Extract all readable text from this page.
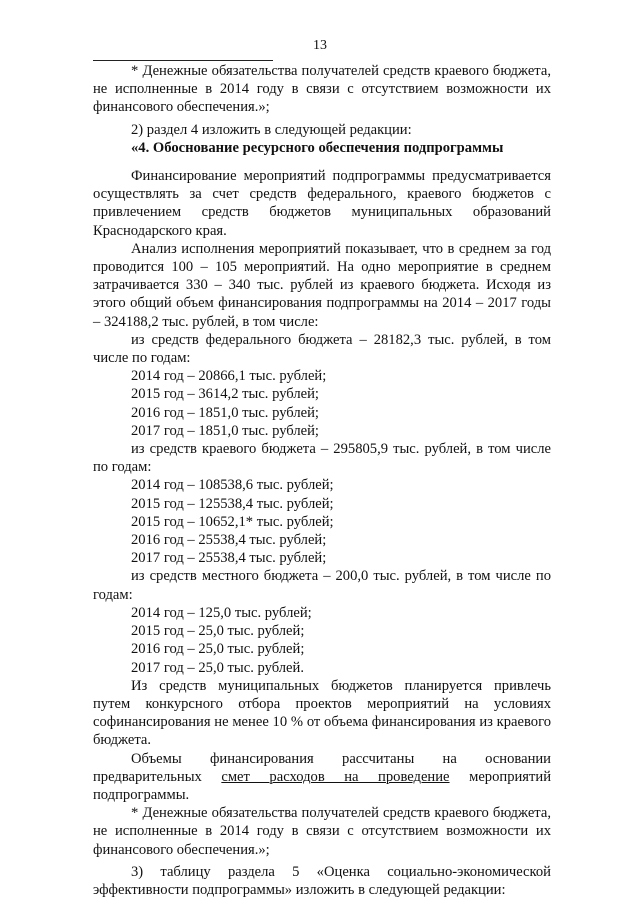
13

* Денежные обязательства получателей средств краевого бюджета, не исполненные в 2014 году в связи с отсутствием возможности их финансового обеспечения.»;

2) раздел 4 изложить в следующей редакции:

«4. Обоснование ресурсного обеспечения подпрограммы

Финансирование мероприятий подпрограммы предусматривается осуществлять за счет средств федерального, краевого бюджетов с привлечением средств бюджетов муниципальных образований Краснодарского края.

Анализ исполнения мероприятий показывает, что в среднем за год проводится 100 – 105 мероприятий. На одно мероприятие в среднем затрачивается 330 – 340 тыс. рублей из краевого бюджета. Исходя из этого общий объем финансирования подпрограммы на 2014 – 2017 годы – 324188,2 тыс. рублей, в том числе:

из средств федерального бюджета – 28182,3 тыс. рублей, в том числе по годам:

2014 год – 20866,1 тыс. рублей;

2015 год – 3614,2 тыс. рублей;

2016 год – 1851,0 тыс. рублей;

2017 год – 1851,0 тыс. рублей;

из средств краевого бюджета – 295805,9 тыс. рублей, в том числе по годам:

2014 год – 108538,6 тыс. рублей;

2015 год – 125538,4 тыс. рублей;

2015 год – 10652,1* тыс. рублей;

2016 год – 25538,4 тыс. рублей;

2017 год – 25538,4 тыс. рублей;

из средств местного бюджета – 200,0 тыс. рублей, в том числе по годам:

2014 год – 125,0 тыс. рублей;

2015 год – 25,0 тыс. рублей;

2016 год – 25,0 тыс. рублей;

2017 год – 25,0 тыс. рублей.

Из средств муниципальных бюджетов планируется привлечь путем конкурсного отбора проектов мероприятий на условиях софинансирования не менее 10 % от объема финансирования из краевого бюджета.

Объемы финансирования рассчитаны на основании предварительных смет расходов на проведение мероприятий подпрограммы.

* Денежные обязательства получателей средств краевого бюджета, не исполненные в 2014 году в связи с отсутствием возможности их финансового обеспечения.»;

3) таблицу раздела 5 «Оценка социально-экономической эффективности подпрограммы» изложить в следующей редакции:
